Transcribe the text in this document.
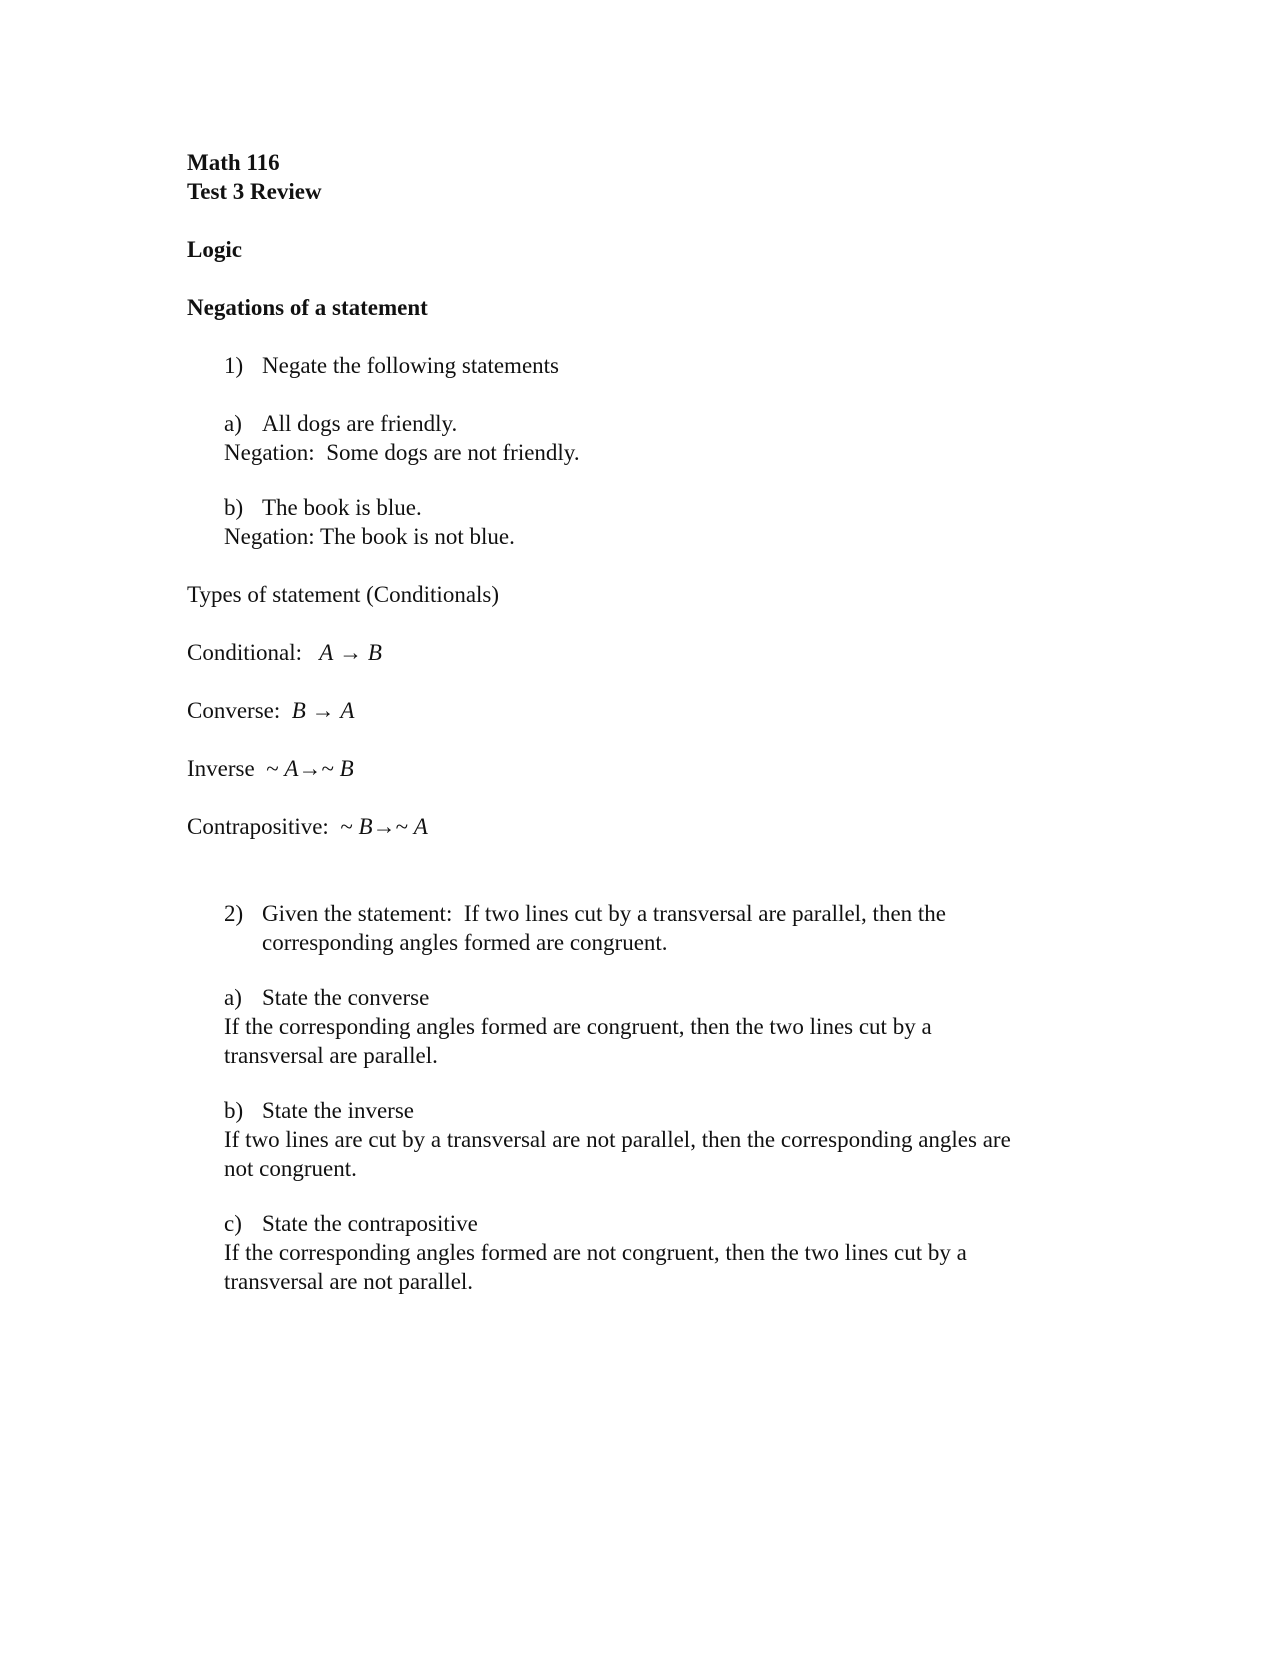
Math 116
Test 3 Review
Logic
Negations of a statement
1) Negate the following statements
a) All dogs are friendly.
Negation:  Some dogs are not friendly.
b) The book is blue.
Negation: The book is not blue.
Types of statement (Conditionals)
Conditional: A → B
Converse: B → A
Inverse ~ A→~ B
Contrapositive: ~ B→~ A
2) Given the statement:  If two lines cut by a transversal are parallel, then the
corresponding angles formed are congruent.
a) State the converse
If the corresponding angles formed are congruent, then the two lines cut by a
transversal are parallel.
b) State the inverse
If two lines are cut by a transversal are not parallel, then the corresponding angles are
not congruent.
c) State the contrapositive
If the corresponding angles formed are not congruent, then the two lines cut by a
transversal are not parallel.
